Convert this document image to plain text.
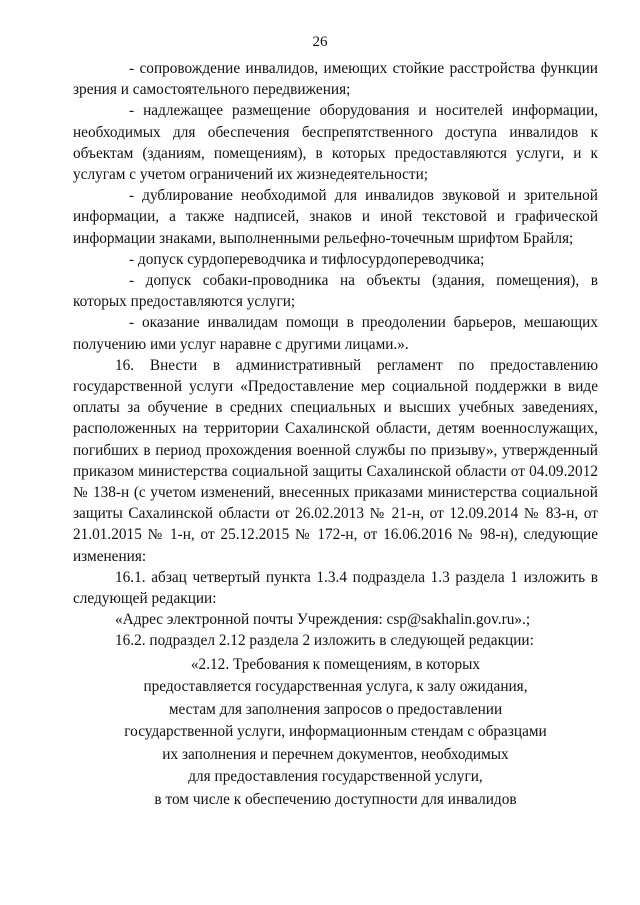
26

- сопровождение инвалидов, имеющих стойкие расстройства функции зрения и самостоятельного передвижения;

- надлежащее размещение оборудования и носителей информации, необходимых для обеспечения беспрепятственного доступа инвалидов к объектам (зданиям, помещениям), в которых предоставляются услуги, и к услугам с учетом ограничений их жизнедеятельности;

- дублирование необходимой для инвалидов звуковой и зрительной информации, а также надписей, знаков и иной текстовой и графической информации знаками, выполненными рельефно-точечным шрифтом Брайля;

- допуск сурдопереводчика и тифлосурдопереводчика;

- допуск собаки-проводника на объекты (здания, помещения), в которых предоставляются услуги;

- оказание инвалидам помощи в преодолении барьеров, мешающих получению ими услуг наравне с другими лицами.».

16. Внести в административный регламент по предоставлению государственной услуги «Предоставление мер социальной поддержки в виде оплаты за обучение в средних специальных и высших учебных заведениях, расположенных на территории Сахалинской области, детям военнослужащих, погибших в период прохождения военной службы по призыву», утвержденный приказом министерства социальной защиты Сахалинской области от 04.09.2012 № 138-н (с учетом изменений, внесенных приказами министерства социальной защиты Сахалинской области от 26.02.2013 № 21-н, от 12.09.2014 № 83-н, от 21.01.2015 № 1-н, от 25.12.2015 № 172-н, от 16.06.2016 № 98-н), следующие изменения:

16.1. абзац четвертый пункта 1.3.4 подраздела 1.3 раздела 1 изложить в следующей редакции:

«Адрес электронной почты Учреждения: csp@sakhalin.gov.ru».;

16.2. подраздел 2.12 раздела 2 изложить в следующей редакции:

«2.12. Требования к помещениям, в которых
предоставляется государственная услуга, к залу ожидания,
местам для заполнения запросов о предоставлении
государственной услуги, информационным стендам с образцами
их заполнения и перечнем документов, необходимых
для предоставления государственной услуги,
в том числе к обеспечению доступности для инвалидов
